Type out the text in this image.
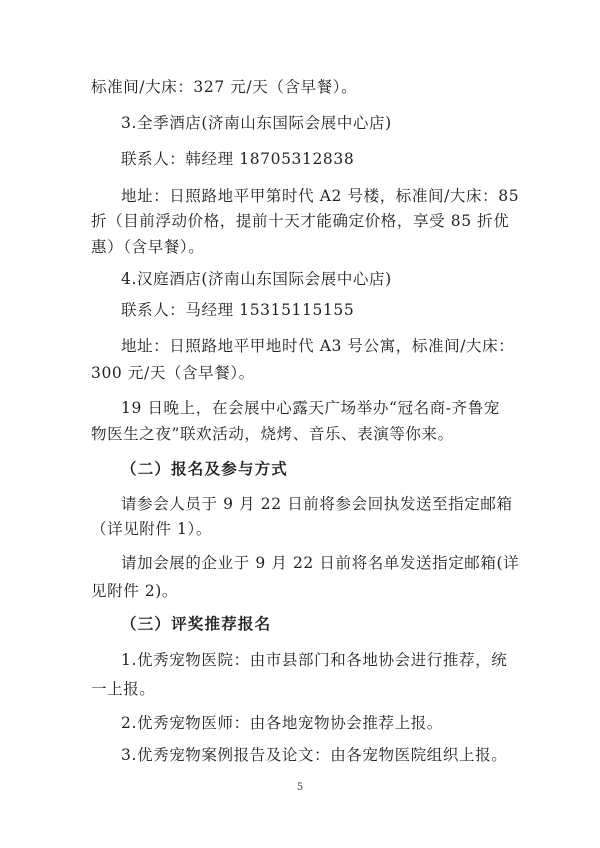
标准间/大床：327 元/天（含早餐）。
3.全季酒店(济南山东国际会展中心店)
联系人：韩经理 18705312838
地址：日照路地平甲第时代 A2 号楼，标准间/大床：85
折（目前浮动价格，提前十天才能确定价格，享受 85 折优
惠）（含早餐）。
4.汉庭酒店(济南山东国际会展中心店)
联系人：马经理 15315115155
地址：日照路地平甲地时代 A3 号公寓，标准间/大床：
300 元/天（含早餐）。
19 日晚上，在会展中心露天广场举办“冠名商-齐鲁宠
物医生之夜”联欢活动，烧烤、音乐、表演等你来。
（二）报名及参与方式
请参会人员于 9 月 22 日前将参会回执发送至指定邮箱
（详见附件 1）。
请加会展的企业于 9 月 22 日前将名单发送指定邮箱(详
见附件 2)。
（三）评奖推荐报名
1.优秀宠物医院：由市县部门和各地协会进行推荐，统
一上报。
2.优秀宠物医师：由各地宠物协会推荐上报。
3.优秀宠物案例报告及论文：由各宠物医院组织上报。
5
